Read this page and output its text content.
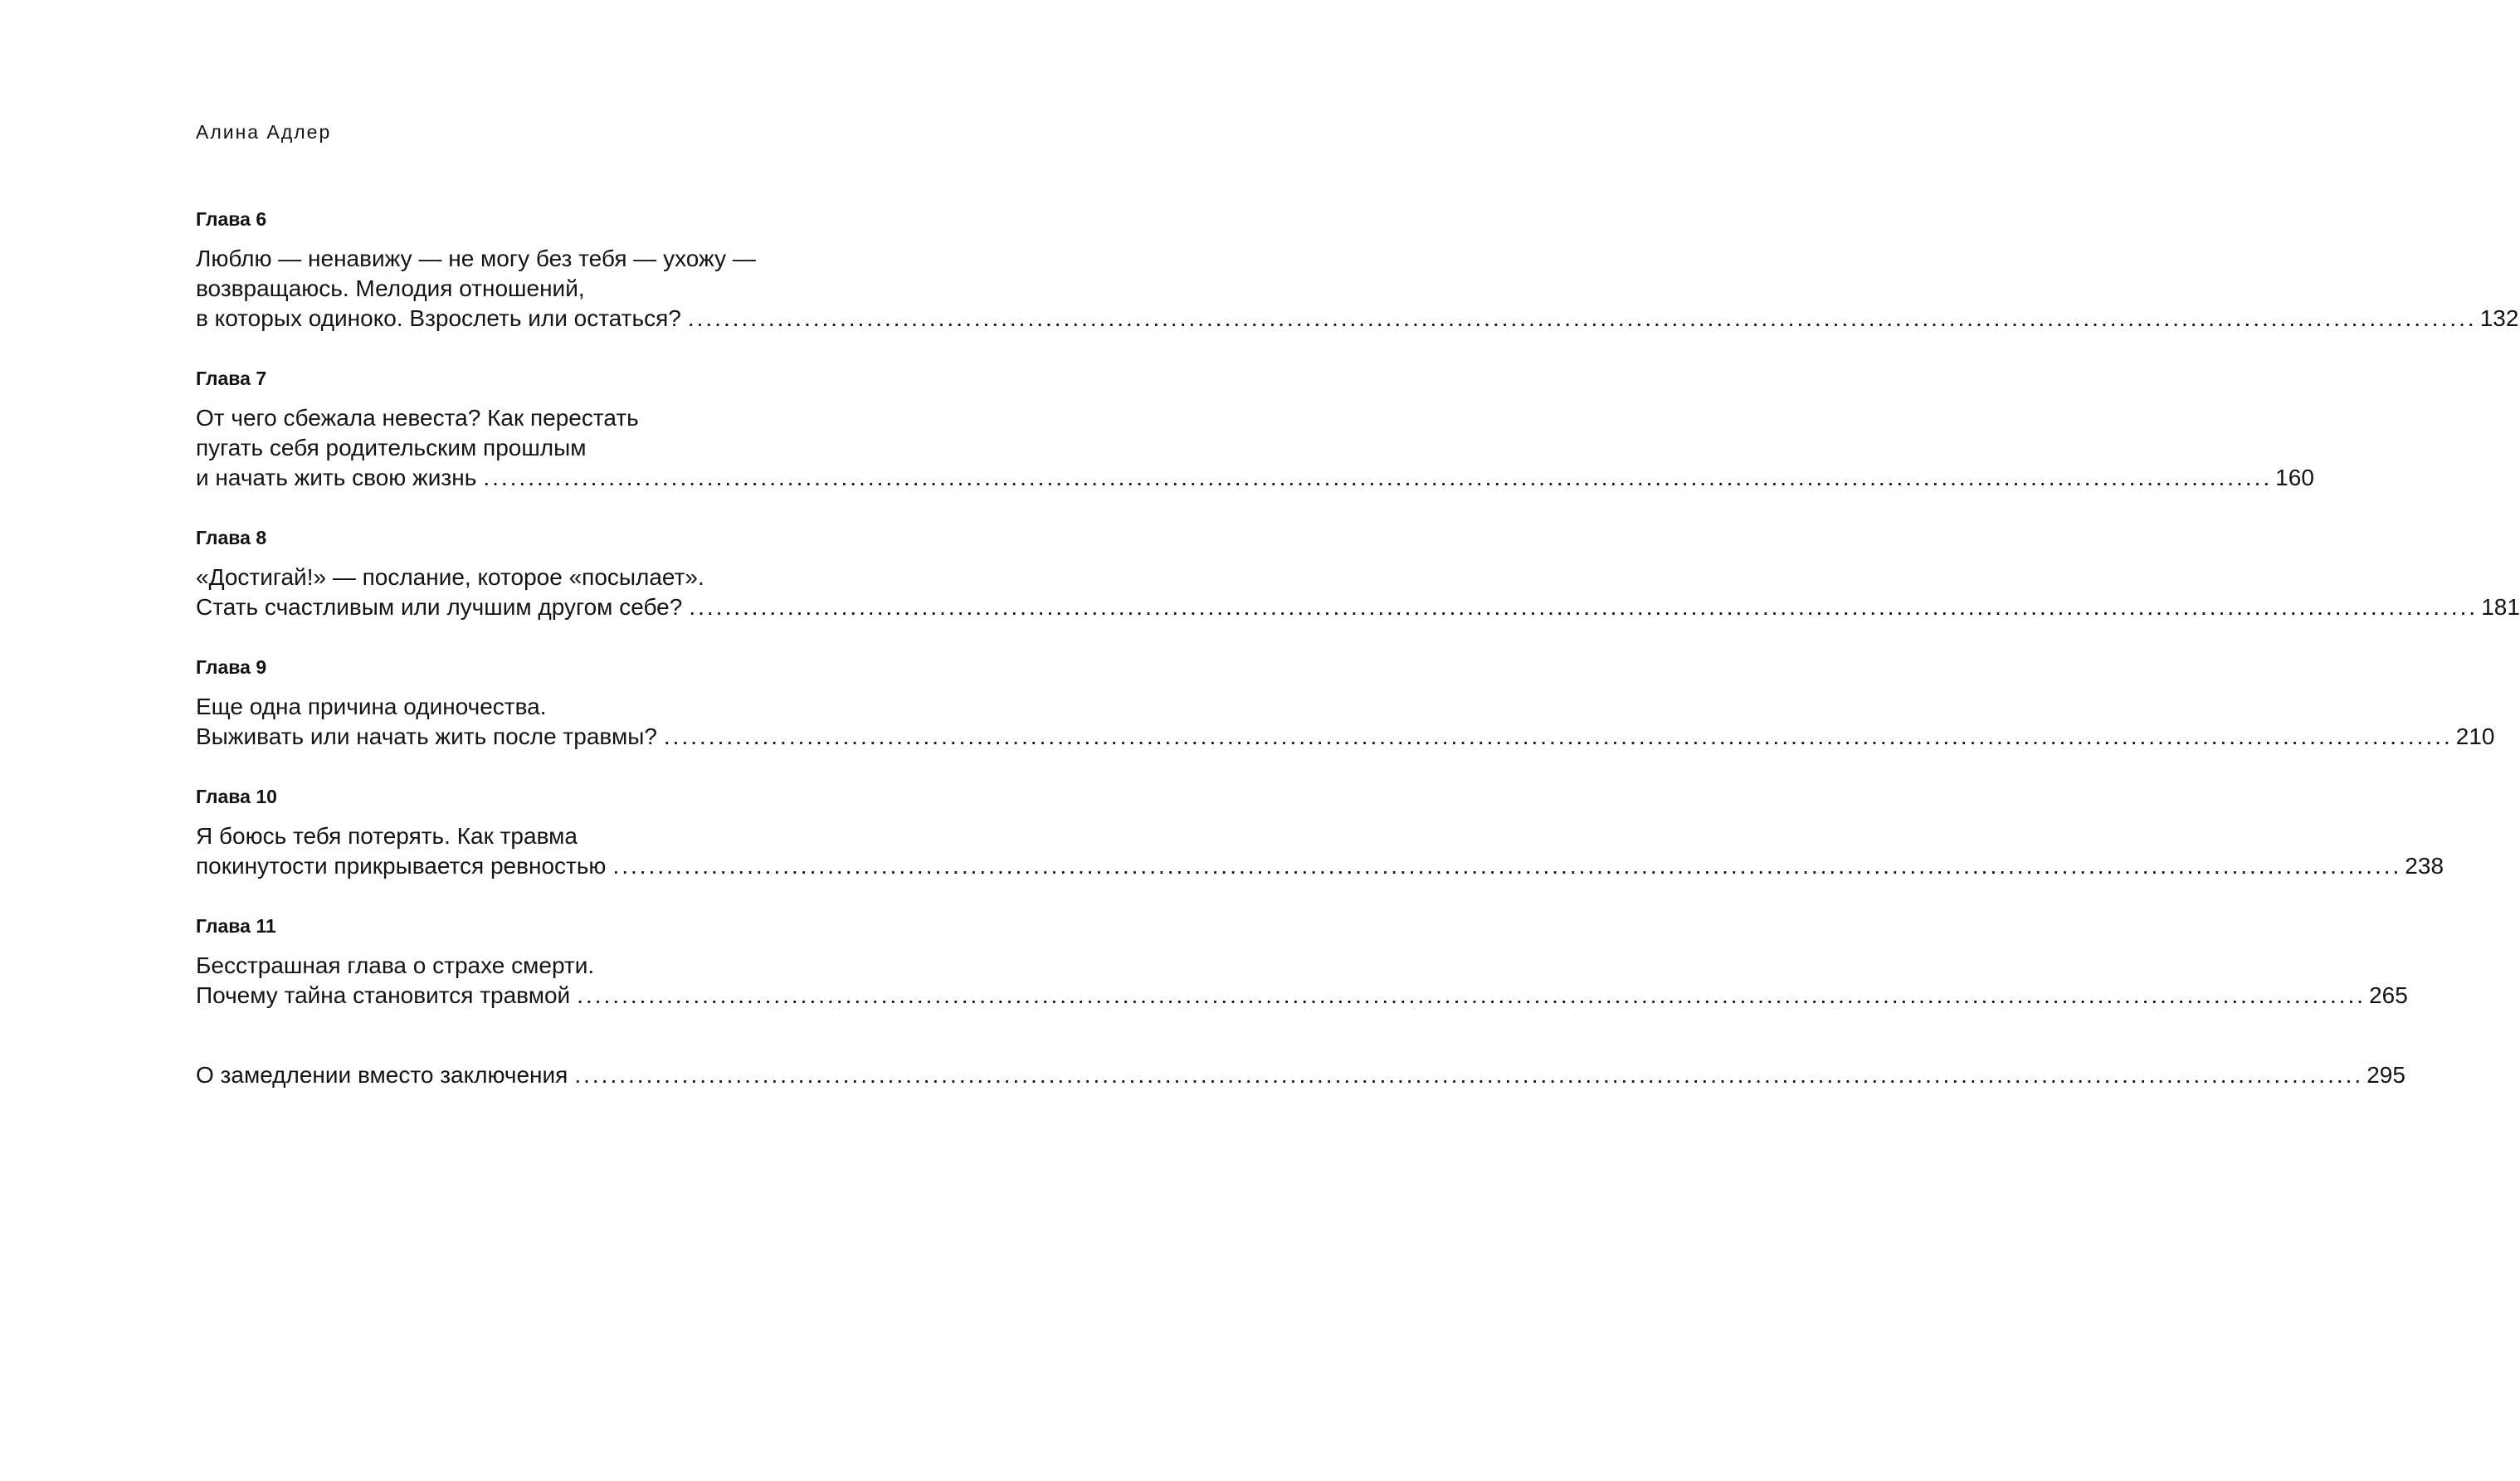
Алина Адлер
Глава 6
Люблю — ненавижу — не могу без тебя — ухожу —
возвращаюсь. Мелодия отношений,
в которых одиноко. Взрослеть или остаться? ........................................................................................................................................................................................................ 132
Глава 7
От чего сбежала невеста? Как перестать
пугать себя родительским прошлым
и начать жить свою жизнь ........................................................................................................................................................................................................ 160
Глава 8
«Достигай!» — послание, которое «посылает».
Стать счастливым или лучшим другом себе? ........................................................................................................................................................................................................ 181
Глава 9
Еще одна причина одиночества.
Выживать или начать жить после травмы? ........................................................................................................................................................................................................ 210
Глава 10
Я боюсь тебя потерять. Как травма
покинутости прикрывается ревностью ........................................................................................................................................................................................................ 238
Глава 11
Бесстрашная глава о страхе смерти.
Почему тайна становится травмой ........................................................................................................................................................................................................ 265
О замедлении вместо заключения ........................................................................................................................................................................................................ 295
